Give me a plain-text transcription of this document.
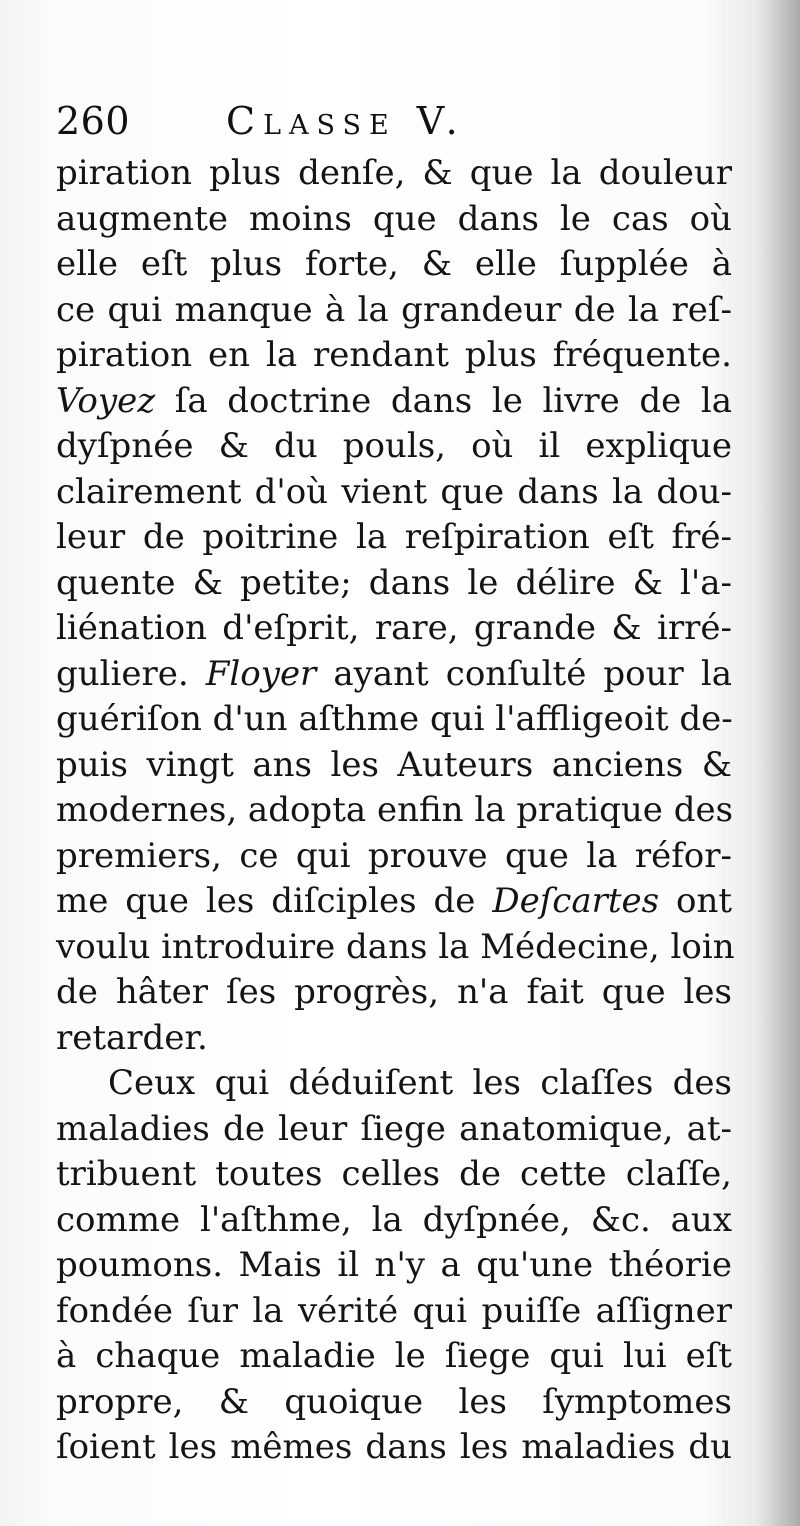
260	Classe V.
piration plus denſe, & que la douleur
augmente moins que dans le cas où
elle eſt plus forte, & elle ſupplée à
ce qui manque à la grandeur de la reſ-
piration en la rendant plus fréquente.
Voyez ſa doctrine dans le livre de la
dyſpnée & du pouls, où il explique
clairement d'où vient que dans la dou-
leur de poitrine la reſpiration eſt fré-
quente & petite; dans le délire & l'a-
liénation d'eſprit, rare, grande & irré-
guliere. Floyer ayant conſulté pour la
guériſon d'un aſthme qui l'affligeoit de-
puis vingt ans les Auteurs anciens &
modernes, adopta enfin la pratique des
premiers, ce qui prouve que la réfor-
me que les diſciples de Deſcartes ont
voulu introduire dans la Médecine, loin
de hâter ſes progrès, n'a fait que les
retarder.
Ceux qui déduiſent les claſſes des
maladies de leur ſiege anatomique, at-
tribuent toutes celles de cette claſſe,
comme l'aſthme, la dyſpnée, &c. aux
poumons. Mais il n'y a qu'une théorie
fondée ſur la vérité qui puiſſe aſſigner
à chaque maladie le ſiege qui lui eſt
propre, & quoique les ſymptomes
ſoient les mêmes dans les maladies du
